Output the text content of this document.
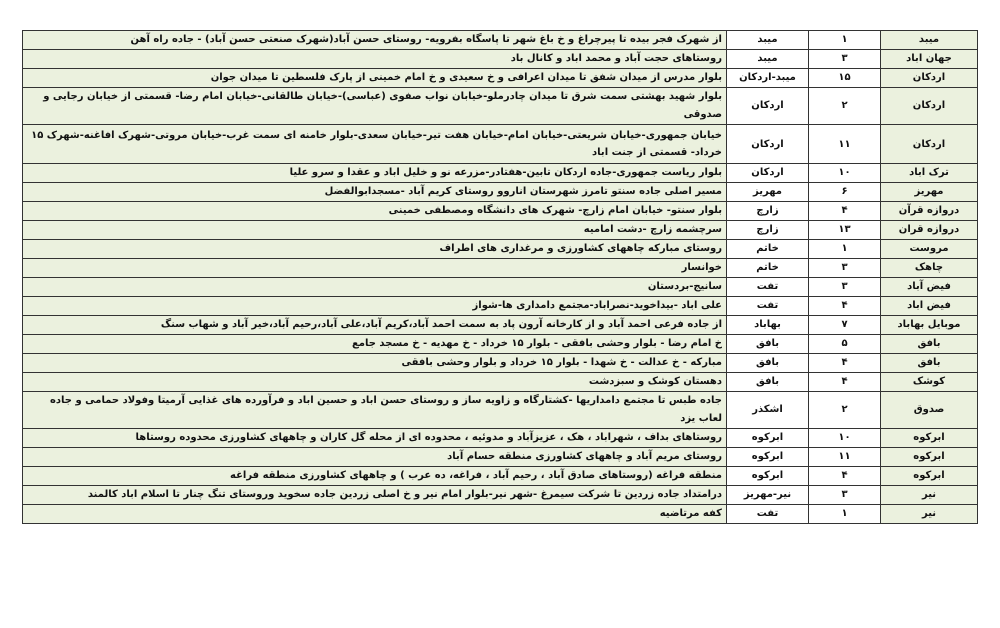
میبد	۱	میبد	از شهرک فجر بیده تا پیرچراغ و خ باغ شهر تا پاسگاه بفرویه- روستای حسن آباد(شهرک صنعتی حسن آباد) - جاده راه آهن
جهان اباد	۳	میبد	روستاهای حجت آباد و محمد اباد و کانال باد
اردکان	۱۵	میبد-اردکان	بلوار مدرس از میدان شفق تا میدان اعرافی و خ سعیدی و خ امام خمینی از پارک فلسطین تا میدان جوان
اردکان	۲	اردکان	بلوار شهید بهشتی سمت شرق تا میدان چادرملو-خیابان نواب صفوی (عباسی)-خیابان طالقانی-خیابان امام رضا- قسمتی از خیابان رجایی و صدوقی
اردکان	۱۱	اردکان	خیابان جمهوری-خیابان شریعتی-خیابان امام-خیابان هفت تیر-خیابان سعدی-بلوار خامنه ای سمت غرب-خیابان مروتی-شهرک افاغنه-شهرک ۱۵ خرداد- قسمتی از جنت اباد
ترک اباد	۱۰	اردکان	بلوار ریاست جمهوری-جاده اردکان تابین-هفتادر-مزرعه نو و خلیل اباد و عقدا و سرو علیا
مهریز	۶	مهریز	مسیر اصلی جاده سنتو تامرز شهرستان اناروو روستای کریم آباد -مسجدابوالفضل
دروازه قرآن	۴	زارچ	بلوار سنتو- خیابان امام زارچ- شهرک های دانشگاه ومصطفی خمینی
دروازه قران	۱۳	زارچ	سرچشمه زارچ -دشت امامیه
مروست	۱	خاتم	روستای مبارکه چاههای کشاورزی و مرغداری های اطراف
چاهک	۳	خاتم	خوانسار
فیض آباد	۳	تفت	سانیج-بردستان
فیض اباد	۴	تفت	علی اباد -بیداخوید-نصراباد-مجتمع دامداری ها-شواز
موبایل بهاباد	۷	بهاباد	از جاده فرعی احمد آباد و از کارخانه آرون پاد به سمت احمد آباد،کریم آباد،علی آباد،رحیم آباد،خیر آباد و شهاب سنگ
بافق	۵	بافق	خ امام رضا - بلوار وحشی بافقی - بلوار ۱۵ خرداد - خ مهدیه - خ مسجد جامع
بافق	۴	بافق	مبارکه - خ عدالت - خ شهدا - بلوار ۱۵ خرداد و بلوار وحشی بافقی
کوشک	۴	بافق	دهستان کوشک و سبزدشت
صدوق	۲	اشکذر	جاده طبس تا مجتمع دامداریها -کشتارگاه و زاویه ساز و روستای حسن اباد و حسین اباد و فرآورده های غذایی آرمیتا وفولاد حمامی و جاده لعاب یزد
ابرکوه	۱۰	ابرکوه	روستاهای بداف ، شهراباد ، هک ، عزیزآباد و مدوئیه ، محدوده ای از محله گل کاران و چاههای کشاورزی محدوده روستاها
ابرکوه	۱۱	ابرکوه	روستای مریم آباد و چاههای کشاورزی منطقه حسام آباد
ابرکوه	۴	ابرکوه	منطقه فراغه (روستاهای صادق آباد ، رحیم آباد ، فراغه، ده عرب ) و چاههای کشاورزی منطقه فراغه
نیر	۳	نیر-مهریز	درامتداد جاده زردین تا شرکت سیمرغ -شهر نیر-بلوار امام نیر و خ اصلی زردین جاده سخوید وروستای تنگ چنار تا اسلام اباد کالمند
نیر	۱	تفت	کفه مرتاضیه
